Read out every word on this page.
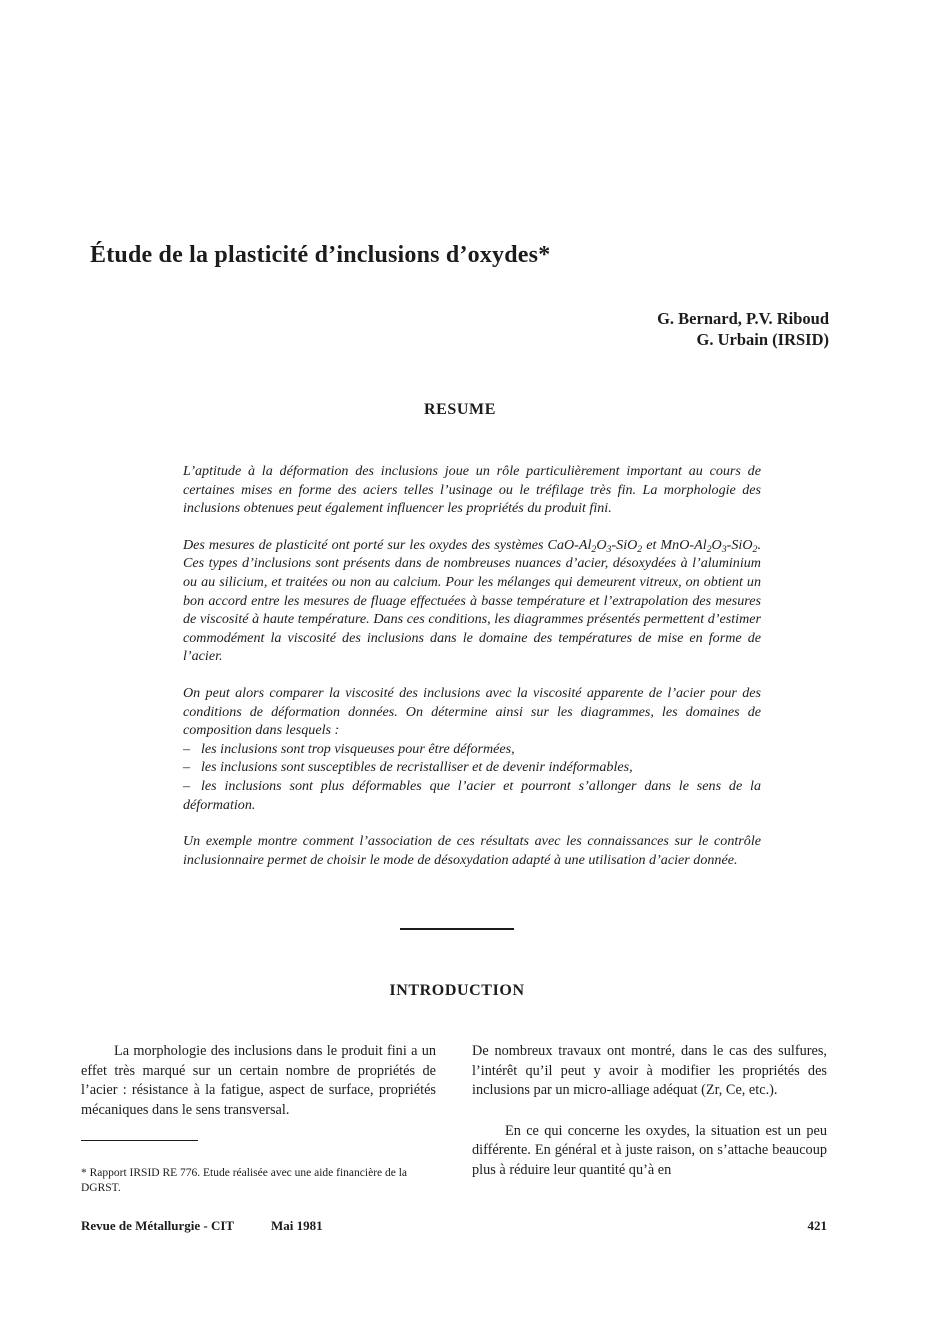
Étude de la plasticité d’inclusions d’oxydes*
G. Bernard, P.V. Riboud
G. Urbain (IRSID)
RESUME

L’aptitude à la déformation des inclusions joue un rôle particulièrement important au cours de certaines mises en forme des aciers telles l’usinage ou le tréfilage très fin. La morphologie des inclusions obtenues peut également influencer les propriétés du produit fini.

Des mesures de plasticité ont porté sur les oxydes des systèmes CaO-$Al_2O_3-SiO_2$ et MnO-$Al_2O_3-SiO_2$. Ces types d’inclusions sont présents dans de nombreuses nuances d’acier, désoxydées à l’aluminium ou au silicium, et traitées ou non au calcium. Pour les mélanges qui demeurent vitreux, on obtient un bon accord entre les mesures de fluage effectuées à basse température et l’extrapolation des mesures de viscosité à haute température. Dans ces conditions, les diagrammes présentés permettent d’estimer commodément la viscosité des inclusions dans le domaine des températures de mise en forme de l’acier.

On peut alors comparer la viscosité des inclusions avec la viscosité apparente de l’acier pour des conditions de déformation données. On détermine ainsi sur les diagrammes, les domaines de composition dans lesquels :

– les inclusions sont trop visqueuses pour être déformées,
– les inclusions sont susceptibles de recristalliser et de devenir indéformables,
– les inclusions sont plus déformables que l’acier et pourront s’allonger dans le sens de la déformation.

Un exemple montre comment l’association de ces résultats avec les connaissances sur le contrôle inclusionnaire permet de choisir le mode de désoxydation adapté à une utilisation d’acier donnée.

INTRODUCTION

La morphologie des inclusions dans le produit fini a un effet très marqué sur un certain nombre de propriétés de l’acier : résistance à la fatigue, aspect de surface, propriétés mécaniques dans le sens transversal.

De nombreux travaux ont montré, dans le cas des sulfures, l’intérêt qu’il peut y avoir à modifier les propriétés des inclusions par un micro-alliage adéquat (Zr, Ce, etc.).

En ce qui concerne les oxydes, la situation est un peu différente. En général et à juste raison, on s’attache beaucoup plus à réduire leur quantité qu’à en

* Rapport IRSID RE 776. Etude réalisée avec une aide financière de la DGRST.
Revue de Métallurgie - CIT	Mai 1981	421
